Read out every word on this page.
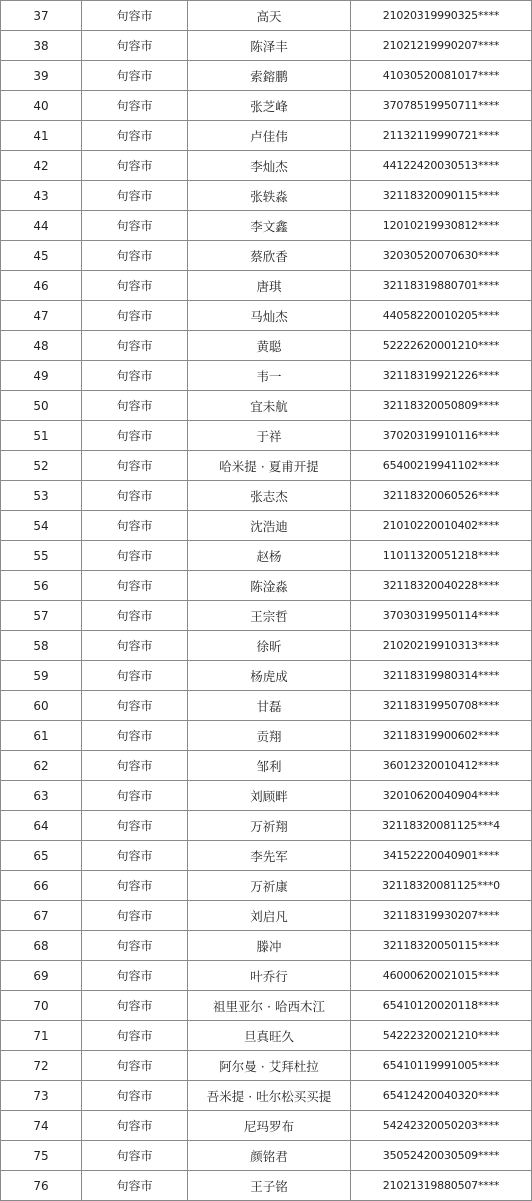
37	句容市	高天	21020319990325****
38	句容市	陈泽丰	21021219990207****
39	句容市	索鎔鹏	41030520081017****
40	句容市	张芝峰	37078519950711****
41	句容市	卢佳伟	21132119990721****
42	句容市	李灿杰	44122420030513****
43	句容市	张轶淼	32118320090115****
44	句容市	李文鑫	12010219930812****
45	句容市	蔡欣香	32030520070630****
46	句容市	唐琪	32118319880701****
47	句容市	马灿杰	44058220010205****
48	句容市	黄聪	52222620001210****
49	句容市	韦一	32118319921226****
50	句容市	宜未航	32118320050809****
51	句容市	于祥	37020319910116****
52	句容市	哈米提 · 夏甫开提	65400219941102****
53	句容市	张志杰	32118320060526****
54	句容市	沈浩迪	21010220010402****
55	句容市	赵杨	11011320051218****
56	句容市	陈淦淼	32118320040228****
57	句容市	王宗哲	37030319950114****
58	句容市	徐昕	21020219910313****
59	句容市	杨虎成	32118319980314****
60	句容市	甘磊	32118319950708****
61	句容市	贡翔	32118319900602****
62	句容市	邹利	36012320010412****
63	句容市	刘顾畔	32010620040904****
64	句容市	万祈翔	32118320081125***4
65	句容市	李先军	34152220040901****
66	句容市	万祈康	32118320081125***0
67	句容市	刘启凡	32118319930207****
68	句容市	滕冲	32118320050115****
69	句容市	叶乔行	46000620021015****
70	句容市	祖里亚尔 · 哈西木江	65410120020118****
71	句容市	旦真旺久	54222320021210****
72	句容市	阿尔曼 · 艾拜杜拉	65410119991005****
73	句容市	吾米提 · 吐尔松买买提	65412420040320****
74	句容市	尼玛罗布	54242320050203****
75	句容市	颜铭君	35052420030509****
76	句容市	王子铭	21021319880507****
